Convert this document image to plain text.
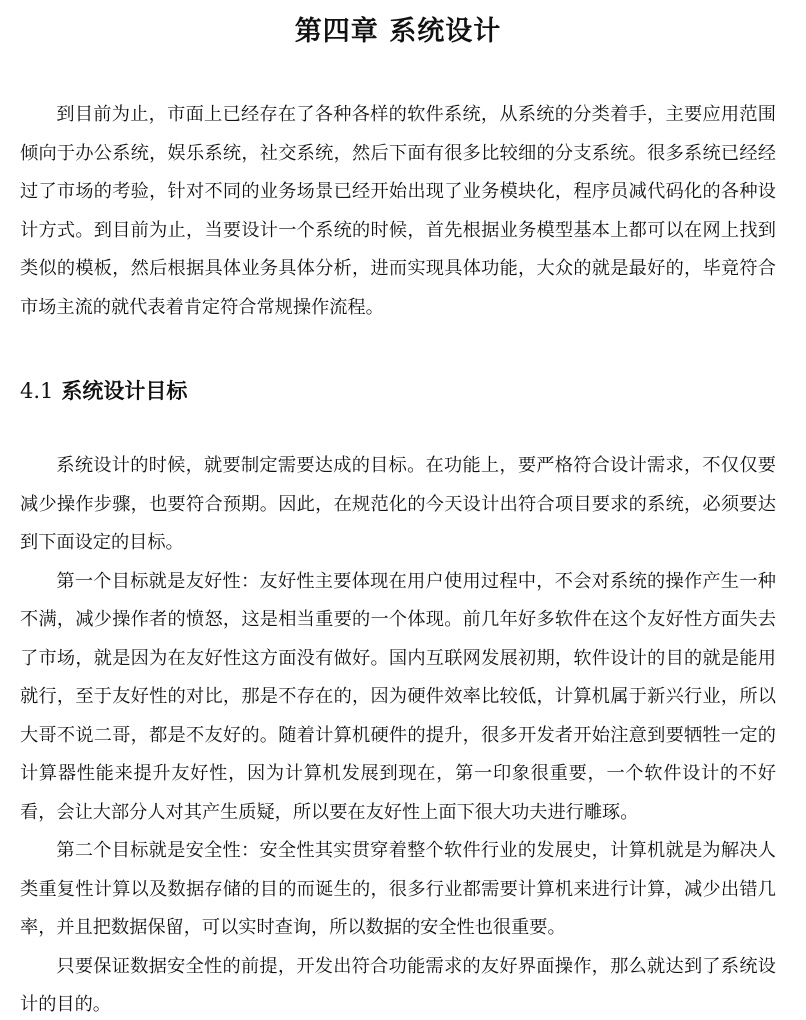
第四章 系统设计

到目前为止，市面上已经存在了各种各样的软件系统，从系统的分类着手，主要应用范围倾向于办公系统，娱乐系统，社交系统，然后下面有很多比较细的分支系统。很多系统已经经过了市场的考验，针对不同的业务场景已经开始出现了业务模块化，程序员减代码化的各种设计方式。到目前为止，当要设计一个系统的时候，首先根据业务模型基本上都可以在网上找到类似的模板，然后根据具体业务具体分析，进而实现具体功能，大众的就是最好的，毕竟符合市场主流的就代表着肯定符合常规操作流程。

4.1 系统设计目标

系统设计的时候，就要制定需要达成的目标。在功能上，要严格符合设计需求，不仅仅要减少操作步骤，也要符合预期。因此，在规范化的今天设计出符合项目要求的系统，必须要达到下面设定的目标。

第一个目标就是友好性：友好性主要体现在用户使用过程中，不会对系统的操作产生一种不满，减少操作者的愤怒，这是相当重要的一个体现。前几年好多软件在这个友好性方面失去了市场，就是因为在友好性这方面没有做好。国内互联网发展初期，软件设计的目的就是能用就行，至于友好性的对比，那是不存在的，因为硬件效率比较低，计算机属于新兴行业，所以大哥不说二哥，都是不友好的。随着计算机硬件的提升，很多开发者开始注意到要牺牲一定的计算器性能来提升友好性，因为计算机发展到现在，第一印象很重要，一个软件设计的不好看，会让大部分人对其产生质疑，所以要在友好性上面下很大功夫进行雕琢。

第二个目标就是安全性：安全性其实贯穿着整个软件行业的发展史，计算机就是为解决人类重复性计算以及数据存储的目的而诞生的，很多行业都需要计算机来进行计算，减少出错几率，并且把数据保留，可以实时查询，所以数据的安全性也很重要。

只要保证数据安全性的前提，开发出符合功能需求的友好界面操作，那么就达到了系统设计的目的。
